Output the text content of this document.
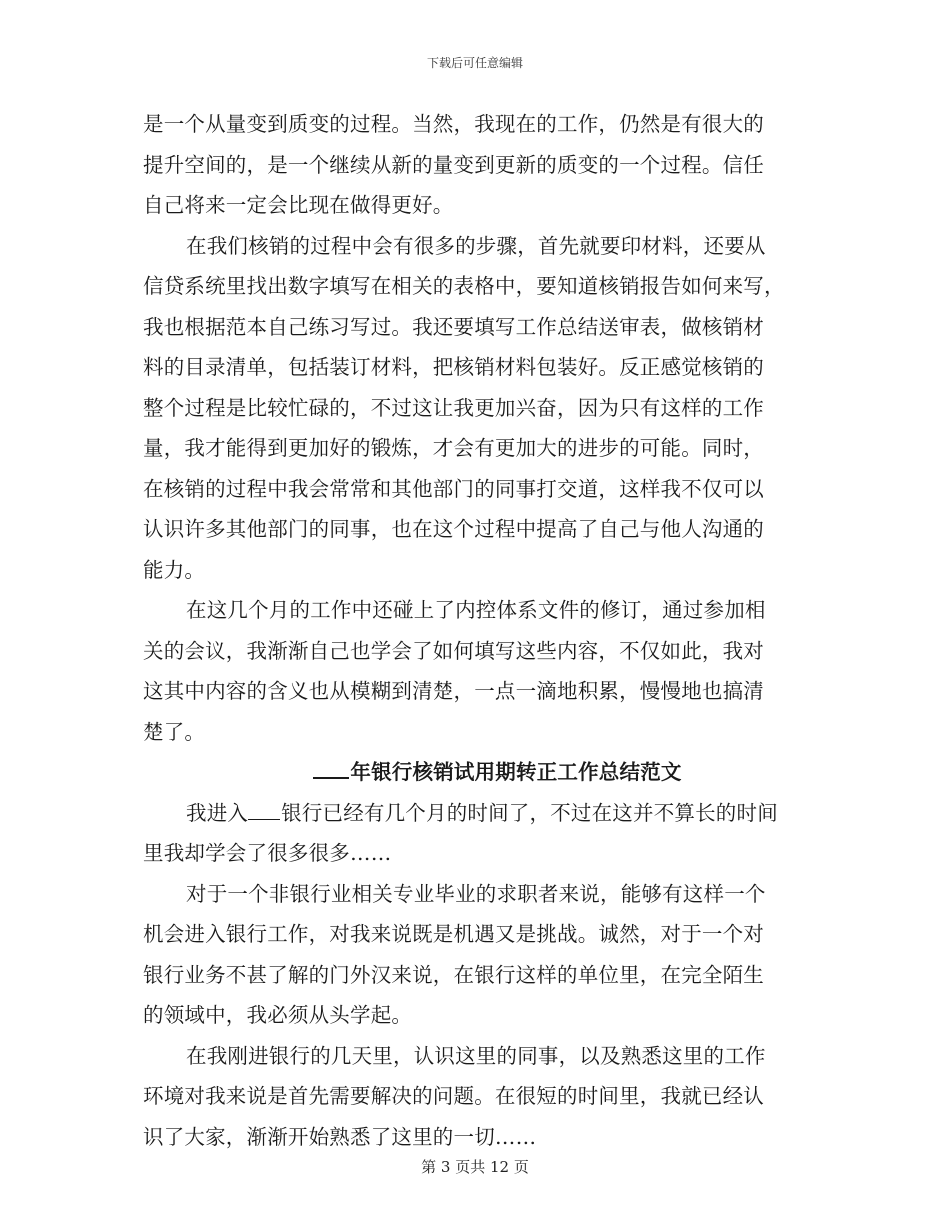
下载后可任意编辑
是一个从量变到质变的过程。当然，我现在的工作，仍然是有很大的
提升空间的，是一个继续从新的量变到更新的质变的一个过程。信任
自己将来一定会比现在做得更好。
在我们核销的过程中会有很多的步骤，首先就要印材料，还要从
信贷系统里找出数字填写在相关的表格中，要知道核销报告如何来写，
我也根据范本自己练习写过。我还要填写工作总结送审表，做核销材
料的目录清单，包括装订材料，把核销材料包装好。反正感觉核销的
整个过程是比较忙碌的，不过这让我更加兴奋，因为只有这样的工作
量，我才能得到更加好的锻炼，才会有更加大的进步的可能。同时，
在核销的过程中我会常常和其他部门的同事打交道，这样我不仅可以
认识许多其他部门的同事，也在这个过程中提高了自己与他人沟通的
能力。
在这几个月的工作中还碰上了内控体系文件的修订，通过参加相
关的会议，我渐渐自己也学会了如何填写这些内容，不仅如此，我对
这其中内容的含义也从模糊到清楚，一点一滴地积累，慢慢地也搞清
楚了。
年银行核销试用期转正工作总结范文
我进入 银行已经有几个月的时间了，不过在这并不算长的时间
里我却学会了很多很多……
对于一个非银行业相关专业毕业的求职者来说，能够有这样一个
机会进入银行工作，对我来说既是机遇又是挑战。诚然，对于一个对
银行业务不甚了解的门外汉来说，在银行这样的单位里，在完全陌生
的领域中，我必须从头学起。
在我刚进银行的几天里，认识这里的同事，以及熟悉这里的工作
环境对我来说是首先需要解决的问题。在很短的时间里，我就已经认
识了大家，渐渐开始熟悉了这里的一切……
第 3 页共 12 页
